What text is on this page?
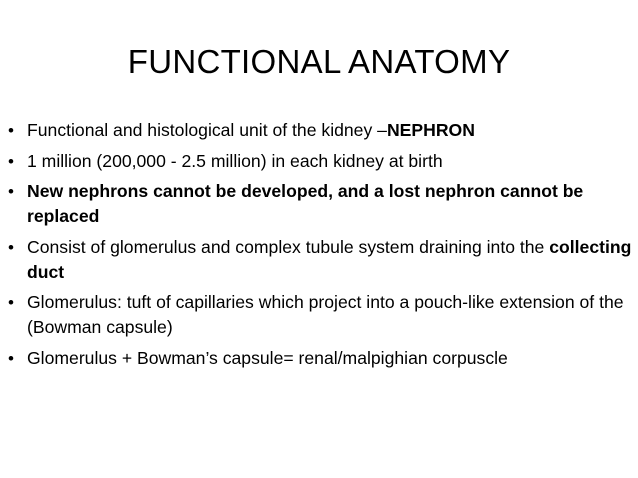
FUNCTIONAL ANATOMY
• Functional and histological unit of the kidney –NEPHRON
• 1 million (200,000 - 2.5 million) in each kidney at birth
• New nephrons cannot be developed, and a lost nephron cannot be replaced
• Consist of glomerulus and complex tubule system draining into the collecting duct
• Glomerulus: tuft of capillaries which project into a pouch-like extension of the (Bowman capsule)
• Glomerulus + Bowman’s capsule= renal/malpighian corpuscle
